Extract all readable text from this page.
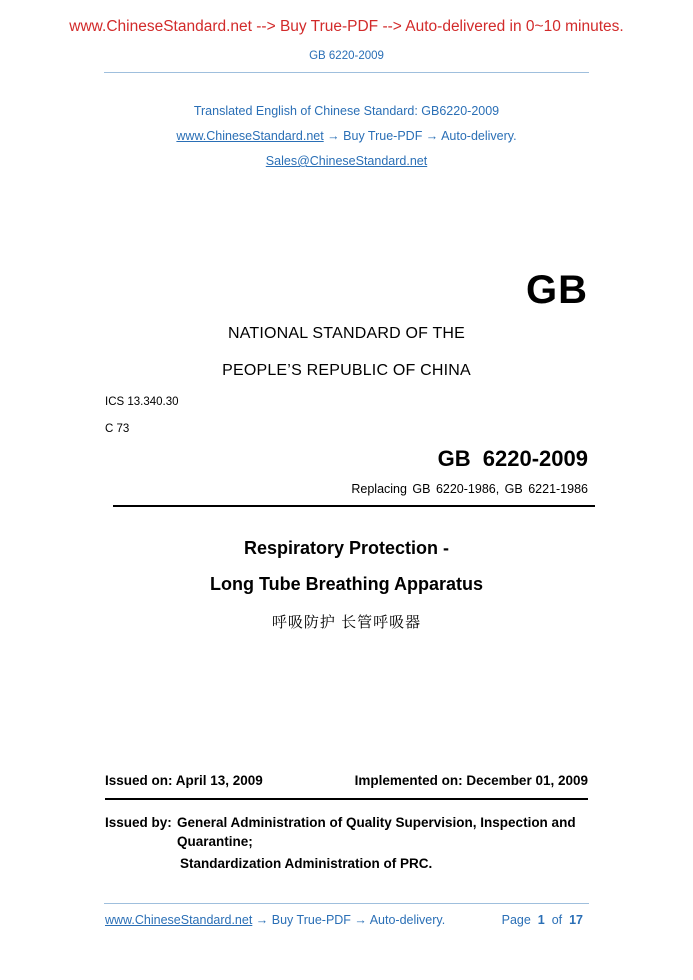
www.ChineseStandard.net --> Buy True-PDF --> Auto-delivered in 0~10 minutes.
GB 6220-2009
Translated English of Chinese Standard: GB6220-2009
www.ChineseStandard.net → Buy True-PDF → Auto-delivery.
Sales@ChineseStandard.net
GB
NATIONAL STANDARD OF THE
PEOPLE’S REPUBLIC OF CHINA
ICS 13.340.30
C 73
GB 6220-2009
Replacing GB 6220-1986, GB 6221-1986
Respiratory Protection -
Long Tube Breathing Apparatus
呼吸防护 长管呼吸器
Issued on: April 13, 2009	Implemented on: December 01, 2009
Issued by: General Administration of Quality Supervision, Inspection and
Quarantine;
Standardization Administration of PRC.
www.ChineseStandard.net → Buy True-PDF → Auto-delivery.	Page 1 of 17
